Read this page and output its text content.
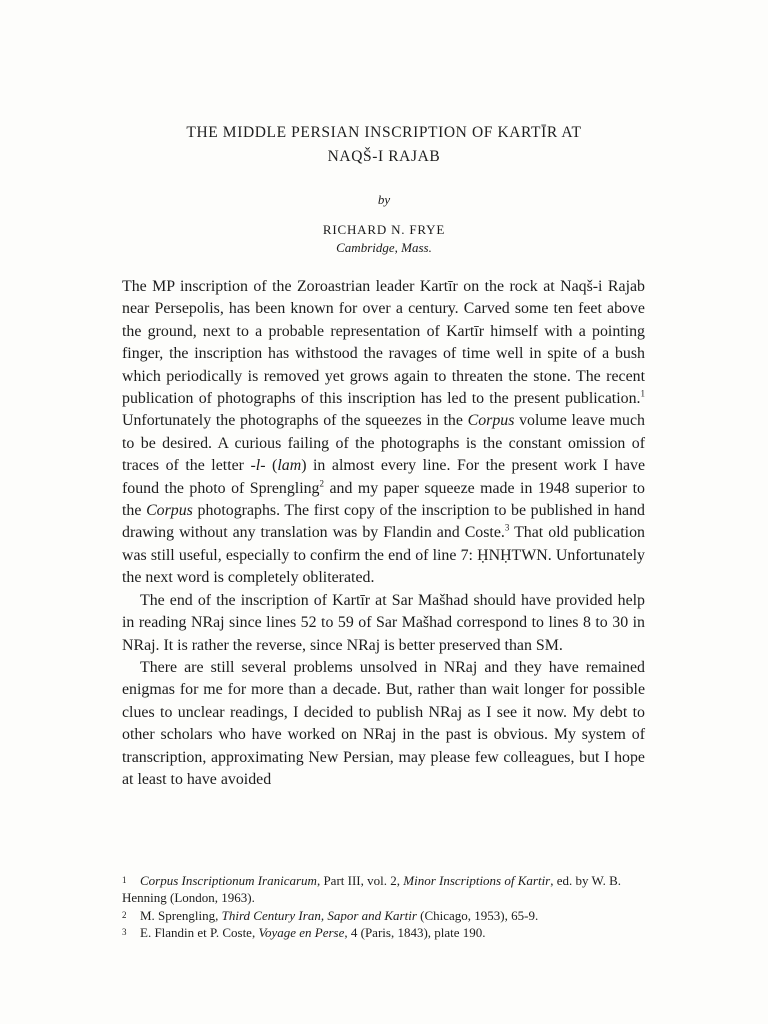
THE MIDDLE PERSIAN INSCRIPTION OF KARTĪR AT
NAQŠ-I RAJAB
by
RICHARD N. FRYE
Cambridge, Mass.

The MP inscription of the Zoroastrian leader Kartīr on the rock at Naqš-i Rajab near Persepolis, has been known for over a century. Carved some ten feet above the ground, next to a probable representation of Kartīr himself with a pointing finger, the inscription has withstood the ravages of time well in spite of a bush which periodically is removed yet grows again to threaten the stone. The recent publication of photographs of this inscription has led to the present publication.$^1$ Unfortunately the photographs of the squeezes in the Corpus volume leave much to be desired. A curious failing of the photographs is the constant omission of traces of the letter -l- (lam) in almost every line. For the present work I have found the photo of Sprengling$^2$ and my paper squeeze made in 1948 superior to the Corpus photographs. The first copy of the inscription to be published in hand drawing without any translation was by Flandin and Coste.$^3$ That old publication was still useful, especially to confirm the end of line 7: ḤNḤTWN. Unfortunately the next word is completely obliterated.

The end of the inscription of Kartīr at Sar Mašhad should have provided help in reading NRaj since lines 52 to 59 of Sar Mašhad correspond to lines 8 to 30 in NRaj. It is rather the reverse, since NRaj is better preserved than SM.

There are still several problems unsolved in NRaj and they have remained enigmas for me for more than a decade. But, rather than wait longer for possible clues to unclear readings, I decided to publish NRaj as I see it now. My debt to other scholars who have worked on NRaj in the past is obvious. My system of transcription, approximating New Persian, may please few colleagues, but I hope at least to have avoided

1 Corpus Inscriptionum Iranicarum, Part III, vol. 2, Minor Inscriptions of Kartir, ed. by W. B. Henning (London, 1963).

2 M. Sprengling, Third Century Iran, Sapor and Kartir (Chicago, 1953), 65-9.

3 E. Flandin et P. Coste, Voyage en Perse, 4 (Paris, 1843), plate 190.
